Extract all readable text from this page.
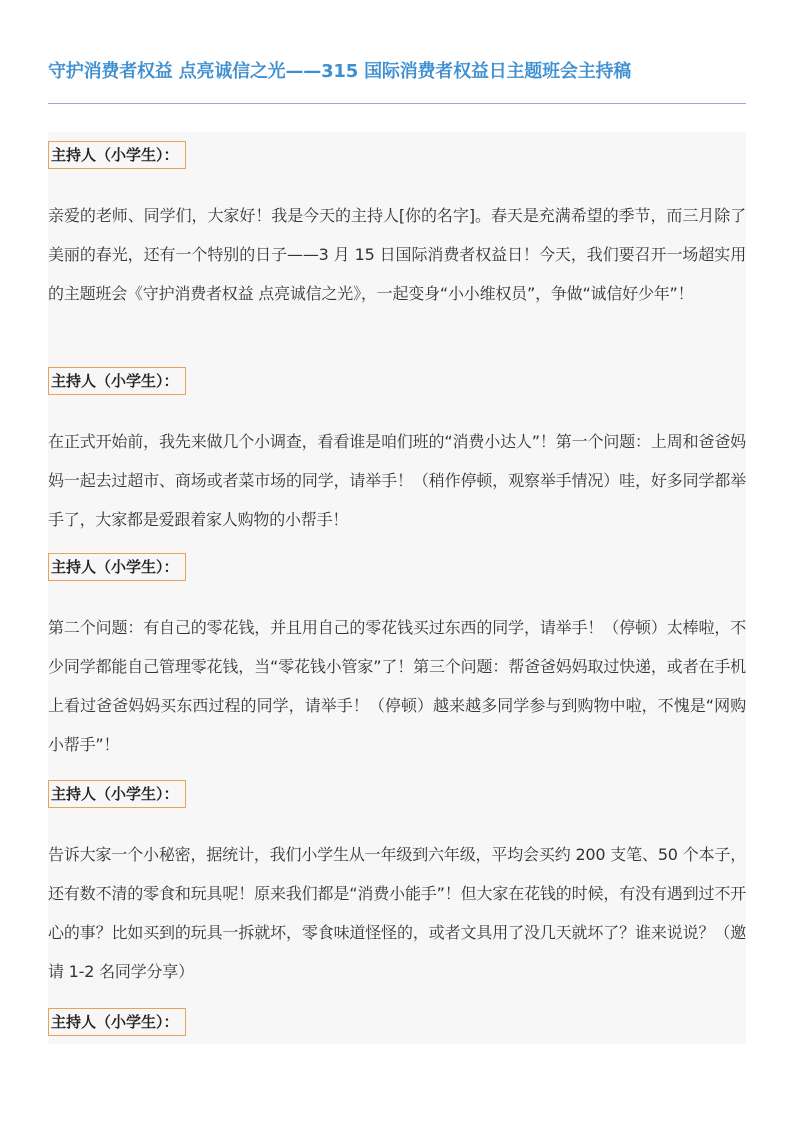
守护消费者权益 点亮诚信之光——315 国际消费者权益日主题班会主持稿
主持人（小学生）：
亲爱的老师、同学们，大家好！我是今天的主持人[你的名字]。春天是充满希望的季节，而三月除了美丽的春光，还有一个特别的日子——3 月 15 日国际消费者权益日！今天，我们要召开一场超实用的主题班会《守护消费者权益 点亮诚信之光》，一起变身“小小维权员”，争做“诚信好少年”！
主持人（小学生）：
在正式开始前，我先来做几个小调查，看看谁是咱们班的“消费小达人”！第一个问题：上周和爸爸妈妈一起去过超市、商场或者菜市场的同学，请举手！（稍作停顿，观察举手情况）哇，好多同学都举手了，大家都是爱跟着家人购物的小帮手！
主持人（小学生）：
第二个问题：有自己的零花钱，并且用自己的零花钱买过东西的同学，请举手！（停顿）太棒啦，不少同学都能自己管理零花钱，当“零花钱小管家”了！第三个问题：帮爸爸妈妈取过快递，或者在手机上看过爸爸妈妈买东西过程的同学，请举手！（停顿）越来越多同学参与到购物中啦，不愧是“网购小帮手”！
主持人（小学生）：
告诉大家一个小秘密，据统计，我们小学生从一年级到六年级，平均会买约 200 支笔、50 个本子，还有数不清的零食和玩具呢！原来我们都是“消费小能手”！但大家在花钱的时候，有没有遇到过不开心的事？比如买到的玩具一拆就坏，零食味道怪怪的，或者文具用了没几天就坏了？谁来说说？（邀请 1-2 名同学分享）
主持人（小学生）：
